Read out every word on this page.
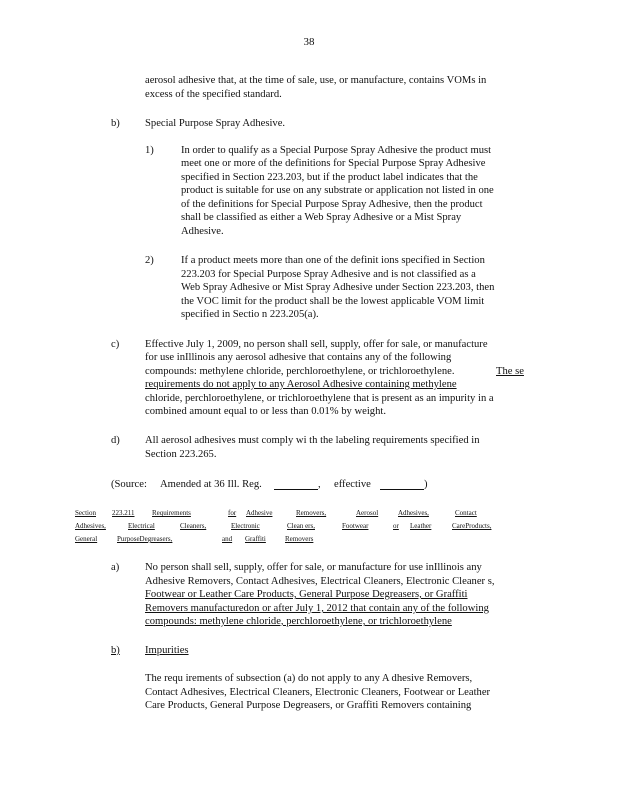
38
aerosol adhesive that, at the time of sale, use, or manufacture, contains VOMs in
excess of the specified standard.
b) Special Purpose Spray Adhesive.
1)	In order to qualify as a Special Purpose Spray Adhesive the product must
meet one or more of the definitions for Special Purpose Spray Adhesive
specified in Section 223.203, but if the product label indicates that the
product is suitable for use on any substrate or application not listed in one
of the definitions for Special Purpose Spray Adhesive, then the product
shall be classified as either a Web Spray Adhesive or a Mist Spray
Adhesive.
2)	If a product meets more than one of the definit ions specified in Section
223.203 for Special Purpose Spray Adhesive and is not classified as a
Web Spray Adhesive or Mist Spray Adhesive under Section 223.203, then
the VOC limit for the product shall be the lowest applicable VOM limit
specified in Sectio n 223.205(a).
c) Effective July 1, 2009, no person shall sell, supply, offer for sale, or manufacture
for use inIllinois any aerosol adhesive that contains any of the following
compounds: methylene chloride, perchloroethylene, or trichloroethylene.	The se
requirements do not apply to any Aerosol Adhesive containing methylene
chloride, perchloroethylene, or trichloroethylene that is present as an impurity in a
combined amount equal to or less than 0.01% by weight.
d) All aerosol adhesives must comply wi th the labeling requirements specified in
Section 223.265.
(Source: Amended at 36 Ill. Reg.	, effective	)
Section 223.211	Requirements	for Adhesive	Removers,	Aerosol	Adhesives,	Contact
Adhesives,	Electrical	Cleaners,	Electronic	Clean ers,	Footwear	or Leather	CareProducts,
General	PurposeDegreasers,	and Graffiti	Removers
a) No person shall sell, supply, offer for sale, or manufacture for use inIllinois any
Adhesive Removers, Contact Adhesives, Electrical Cleaners, Electronic Cleaner s,
Footwear or Leather Care Products, General Purpose Degreasers, or Graffiti
Removers manufacturedon or after July 1, 2012 that contain any of the following
compounds: methylene chloride, perchloroethylene, or trichloroethylene
b) Impurities
The requ irements of subsection (a) do not apply to any A dhesive Removers,
Contact Adhesives, Electrical Cleaners, Electronic Cleaners, Footwear or Leather
Care Products, General Purpose Degreasers, or Graffiti Removers containing
